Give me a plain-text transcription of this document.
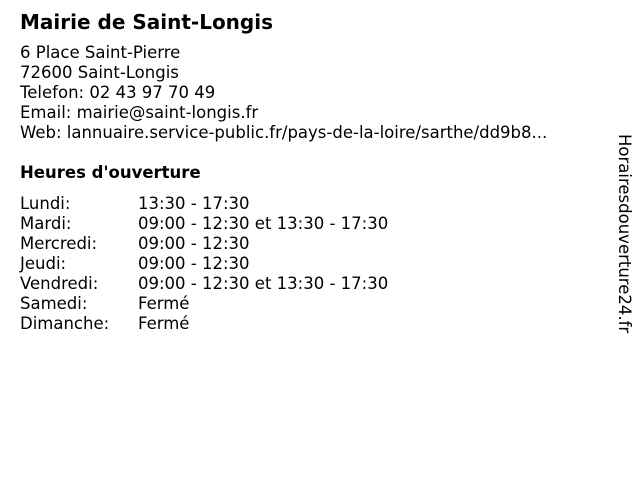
Mairie de Saint-Longis
6 Place Saint-Pierre
72600 Saint-Longis
Telefon: 02 43 97 70 49
Email: mairie@saint-longis.fr
Web: lannuaire.service-public.fr/pays-de-la-loire/sarthe/dd9b8...
Heures d'ouverture
Lundi:	13:30 - 17:30
Mardi:	09:00 - 12:30 et 13:30 - 17:30
Mercredi: 09:00 - 12:30
Jeudi:	09:00 - 12:30
Vendredi: 09:00 - 12:30 et 13:30 - 17:30
Samedi:	Fermé
Dimanche: Fermé	Horairesdouverture24.fr
